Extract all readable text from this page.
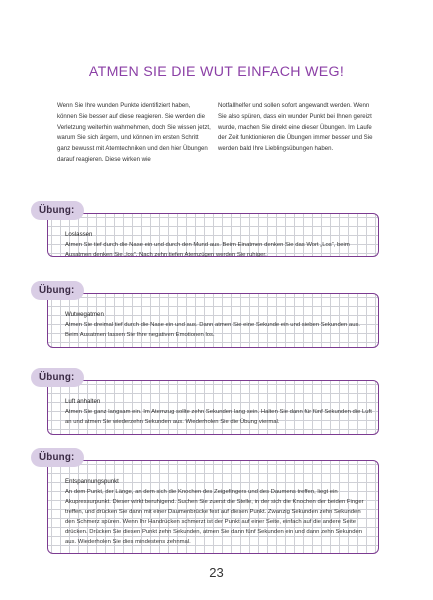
ATMEN SIE DIE WUT EINFACH WEG!
Wenn Sie Ihre wunden Punkte identifiziert haben, können Sie besser auf diese reagieren. Sie werden die Verletzung weiterhin wahrnehmen, doch Sie wissen jetzt, warum Sie sich ärgern, und können im ersten Schritt ganz bewusst mit Atemtechniken und den hier Übungen darauf reagieren. Diese wirken wie
Notfallhelfer und sollen sofort angewandt werden. Wenn Sie also spüren, dass ein wunder Punkt bei Ihnen gereizt wurde, machen Sie direkt eine dieser Übungen. Im Laufe der Zeit funktionieren die Übungen immer besser und Sie werden bald Ihre Lieblingsübungen haben.
Übung:
Loslassen
Atmen Sie tief durch die Nase ein und durch den Mund aus. Beim Einatmen denken Sie das Wort „Los“, beim Ausatmen denken Sie „los“. Nach zehn tiefen Atemzügen werden Sie ruhiger.
Übung:
Wutwegatmen
Atmen Sie dreimal tief durch die Nase ein und aus. Dann atmen Sie eine Sekunde ein und sieben Sekunden aus. Beim Ausatmen lassen Sie Ihre negativen Emotionen los.
Übung:
Luft anhalten
Atmen Sie ganz langsam ein. Im Atemzug sollte zehn Sekunden lang sein. Halten Sie dann für fünf Sekunden die Luft an und atmen Sie wiederzehn Sekunden aus. Wiederholen Sie die Übung viermal.
Übung:
Entspannungspunkt
An dem Punkt, der Länge, an dem sich die Knochen des Zeigefingers und des Daumens treffen, liegt ein Akupressurpunkt. Dieser wirkt beruhigend. Suchen Sie zuerst die Stelle, in der sich die Knochen der beiden Finger treffen, und drücken Sie dann mit einer Daumenbrücke fest auf diesen Punkt. Zwanzig Sekunden zehn Sekunden den Schmerz spüren. Wenn Ihr Handrücken schmerzt ist der Punkt auf einer Seite, einfach auf die andere Seite drücken. Drücken Sie diesen Punkt zehn Sekunden, atmen Sie dann fünf Sekunden ein und dann zehn Sekunden aus. Wiederholen Sie dies mindestens zehnmal.
23
